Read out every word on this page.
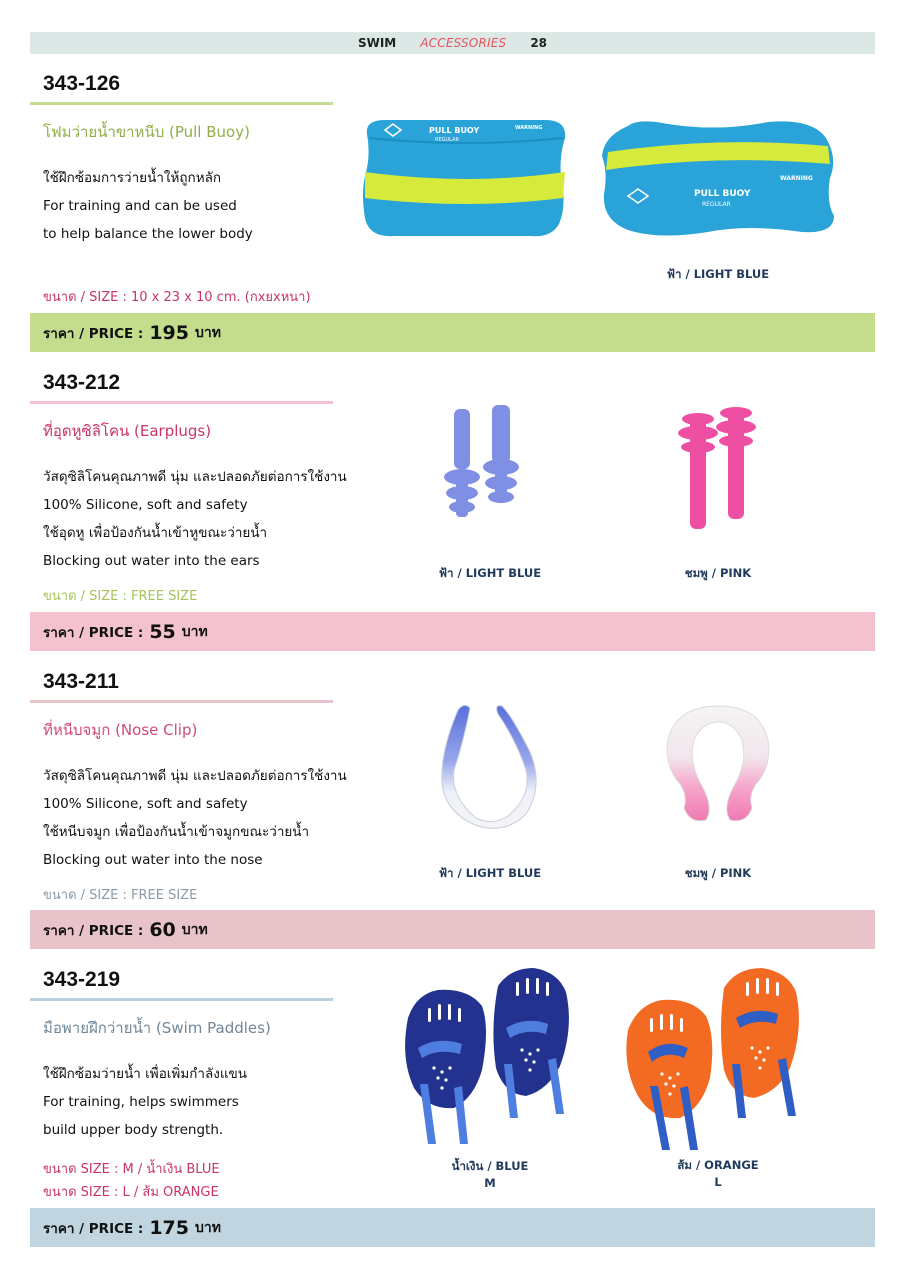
SWIM ACCESSORIES 28
343-126
โฟมว่ายน้ำขาหนีบ (Pull Buoy)
ใช้ฝึกซ้อมการว่ายน้ำให้ถูกหลัก
For training and can be used
to help balance the lower body
ขนาด / SIZE : 10 x 23 x 10 cm. (กxยxหนา)
PULL BUOY
REGULAR
WARNING
PULL BUOY
REGULAR
WARNING
ฟ้า / LIGHT BLUE
ราคา / PRICE : 195 บาท
343-212
ที่อุดหูซิลิโคน (Earplugs)
วัสดุซิลิโคนคุณภาพดี นุ่ม และปลอดภัยต่อการใช้งาน
100% Silicone, soft and safety
ใช้อุดหู เพื่อป้องกันน้ำเข้าหูขณะว่ายน้ำ
Blocking out water into the ears
ขนาด / SIZE : FREE SIZE
ฟ้า / LIGHT BLUE	ชมพู / PINK
ราคา / PRICE : 55 บาท
343-211
ที่หนีบจมูก (Nose Clip)
วัสดุซิลิโคนคุณภาพดี นุ่ม และปลอดภัยต่อการใช้งาน
100% Silicone, soft and safety
ใช้หนีบจมูก เพื่อป้องกันน้ำเข้าจมูกขณะว่ายน้ำ
Blocking out water into the nose
ขนาด / SIZE : FREE SIZE
ฟ้า / LIGHT BLUE	ชมพู / PINK
ราคา / PRICE : 60 บาท
343-219
มือพายฝึกว่ายน้ำ (Swim Paddles)
ใช้ฝึกซ้อมว่ายน้ำ เพื่อเพิ่มกำลังแขน
For training, helps swimmers
build upper body strength.
ขนาด SIZE : M / น้ำเงิน BLUE
ขนาด SIZE : L / ส้ม ORANGE
น้ำเงิน / BLUE
M
ส้ม / ORANGE
L
ราคา / PRICE : 175 บาท
